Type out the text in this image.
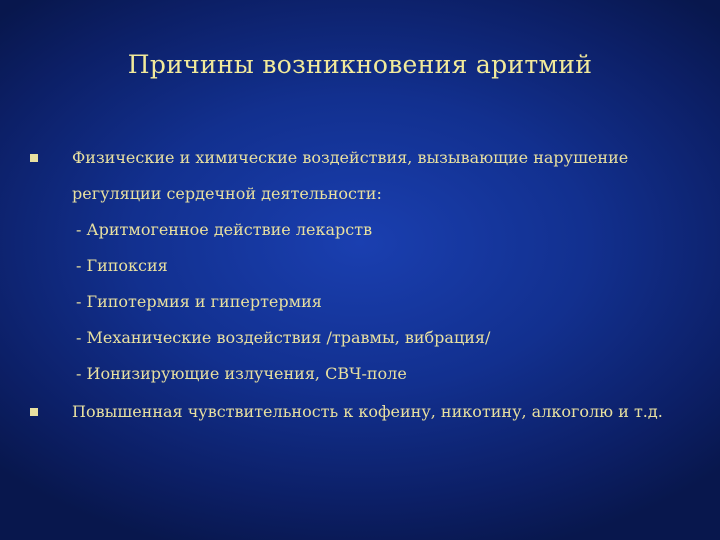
Причины возникновения аритмий
Физические и химические воздействия, вызывающие нарушение
регуляции сердечной деятельности:
- Аритмогенное действие лекарств
- Гипоксия
- Гипотермия и гипертермия
- Механические воздействия /травмы, вибрация/
- Ионизирующие излучения, СВЧ-поле
Повышенная чувствительность к кофеину, никотину, алкоголю и т.д.
